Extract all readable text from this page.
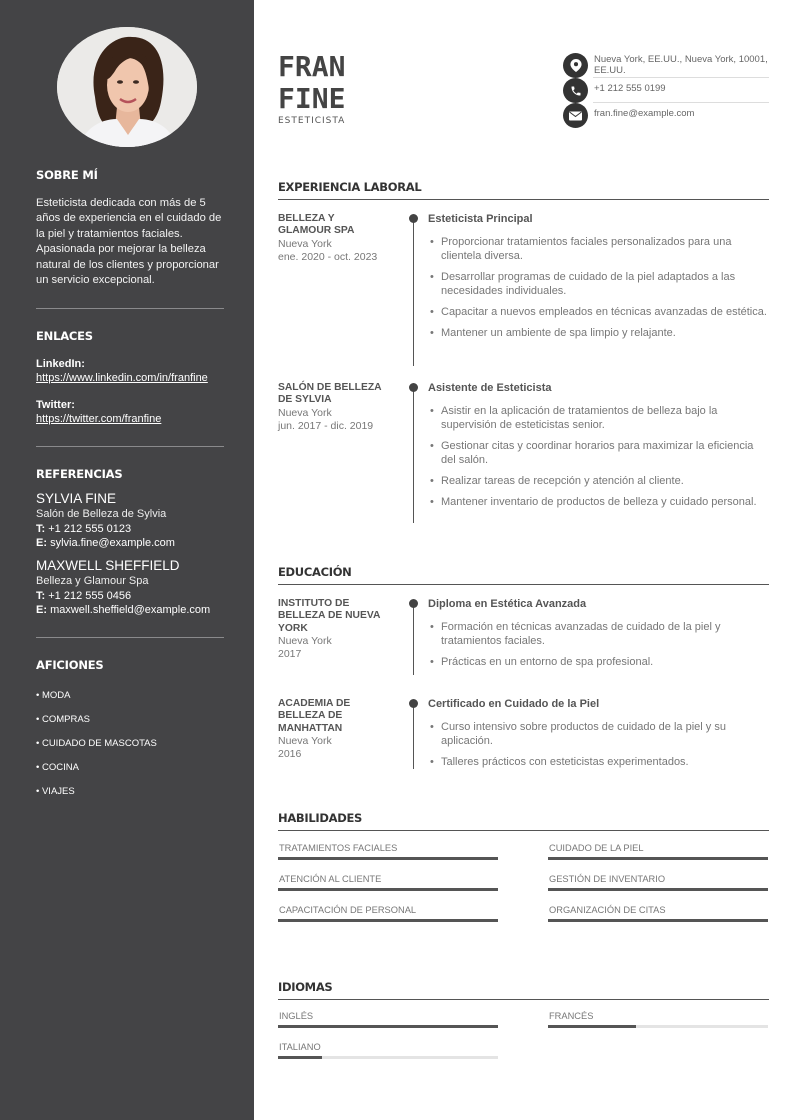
SOBRE MÍ

Esteticista dedicada con más de 5 años de experiencia en el cuidado de la piel y tratamientos faciales. Apasionada por mejorar la belleza natural de los clientes y proporcionar un servicio excepcional.

ENLACES
LinkedIn:
https://www.linkedin.com/in/franfine
Twitter:
https://twitter.com/franfine
REFERENCIAS
SYLVIA FINE
Salón de Belleza de Sylvia
T: +1 212 555 0123
E: sylvia.fine@example.com
MAXWELL SHEFFIELD
Belleza y Glamour Spa
T: +1 212 555 0456
E: maxwell.sheffield@example.com
AFICIONES
• MODA
• COMPRAS
• CUIDADO DE MASCOTAS
• COCINA
• VIAJES
FRAN
FINE
ESTETICISTA
Nueva York, EE.UU., Nueva York, 10001, EE.UU.
+1 212 555 0199
fran.fine@example.com
EXPERIENCIA LABORAL
BELLEZA Y GLAMOUR SPA
Nueva York
ene. 2020 - oct. 2023
Esteticista Principal
• Proporcionar tratamientos faciales personalizados para una clientela diversa.
• Desarrollar programas de cuidado de la piel adaptados a las necesidades individuales.
• Capacitar a nuevos empleados en técnicas avanzadas de estética.
• Mantener un ambiente de spa limpio y relajante.
SALÓN DE BELLEZA DE SYLVIA
Nueva York
jun. 2017 - dic. 2019
Asistente de Esteticista
• Asistir en la aplicación de tratamientos de belleza bajo la supervisión de esteticistas senior.
• Gestionar citas y coordinar horarios para maximizar la eficiencia del salón.
• Realizar tareas de recepción y atención al cliente.
• Mantener inventario de productos de belleza y cuidado personal.
EDUCACIÓN
INSTITUTO DE BELLEZA DE NUEVA YORK
Nueva York
2017
Diploma en Estética Avanzada
• Formación en técnicas avanzadas de cuidado de la piel y tratamientos faciales.
• Prácticas en un entorno de spa profesional.
ACADEMIA DE BELLEZA DE MANHATTAN
Nueva York
2016
Certificado en Cuidado de la Piel
• Curso intensivo sobre productos de cuidado de la piel y su aplicación.
• Talleres prácticos con esteticistas experimentados.
HABILIDADES
TRATAMIENTOS FACIALES	CUIDADO DE LA PIEL
ATENCIÓN AL CLIENTE	GESTIÓN DE INVENTARIO
CAPACITACIÓN DE PERSONAL	ORGANIZACIÓN DE CITAS
IDIOMAS
INGLÉS	FRANCÉS
ITALIANO
